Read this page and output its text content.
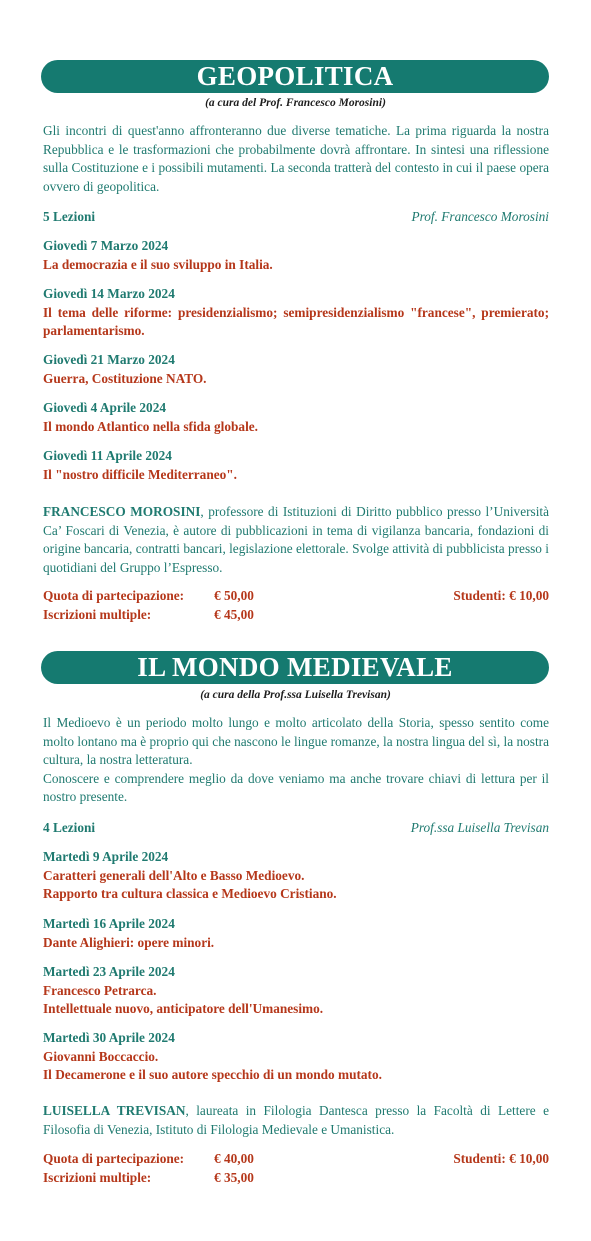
GEOPOLITICA
(a cura del Prof. Francesco Morosini)

Gli incontri di quest'anno affronteranno due diverse tematiche. La prima riguarda la nostra Repubblica e le trasformazioni che probabilmente dovrà affrontare. In sintesi una riflessione sulla Costituzione e i possibili mutamenti. La seconda tratterà del contesto in cui il paese opera ovvero di geopolitica.

5 Lezioni	Prof. Francesco Morosini
Giovedì 7 Marzo 2024
La democrazia e il suo sviluppo in Italia.
Giovedì 14 Marzo 2024
Il tema delle riforme: presidenzialismo; semipresidenzialismo "francese", premierato; parlamentarismo.
Giovedì 21 Marzo 2024
Guerra, Costituzione NATO.
Giovedì 4 Aprile 2024
Il mondo Atlantico nella sfida globale.
Giovedì 11 Aprile 2024
Il "nostro difficile Mediterraneo".
FRANCESCO MOROSINI, professore di Istituzioni di Diritto pubblico presso l’Università Ca’ Foscari di Venezia, è autore di pubblicazioni in tema di vigilanza bancaria, fondazioni di origine bancaria, contratti bancari, legislazione elettorale. Svolge attività di pubblicista presso i quotidiani del Gruppo l’Espresso.
Quota di partecipazione: € 50,00	Studenti: € 10,00
Iscrizioni multiple:	€ 45,00
IL MONDO MEDIEVALE
(a cura della Prof.ssa Luisella Trevisan)

Il Medioevo è un periodo molto lungo e molto articolato della Storia, spesso sentito come molto lontano ma è proprio qui che nascono le lingue romanze, la nostra lingua del sì, la nostra cultura, la nostra letteratura.

Conoscere e comprendere meglio da dove veniamo ma anche trovare chiavi di lettura per il nostro presente.

4 Lezioni	Prof.ssa Luisella Trevisan
Martedì 9 Aprile 2024
Caratteri generali dell'Alto e Basso Medioevo.
Rapporto tra cultura classica e Medioevo Cristiano.
Martedì 16 Aprile 2024
Dante Alighieri: opere minori.
Martedì 23 Aprile 2024
Francesco Petrarca.
Intellettuale nuovo, anticipatore dell'Umanesimo.
Martedì 30 Aprile 2024
Giovanni Boccaccio.
Il Decamerone e il suo autore specchio di un mondo mutato.
LUISELLA TREVISAN, laureata in Filologia Dantesca presso la Facoltà di Lettere e Filosofia di Venezia, Istituto di Filologia Medievale e Umanistica.
Quota di partecipazione: € 40,00	Studenti: € 10,00
Iscrizioni multiple:	€ 35,00
